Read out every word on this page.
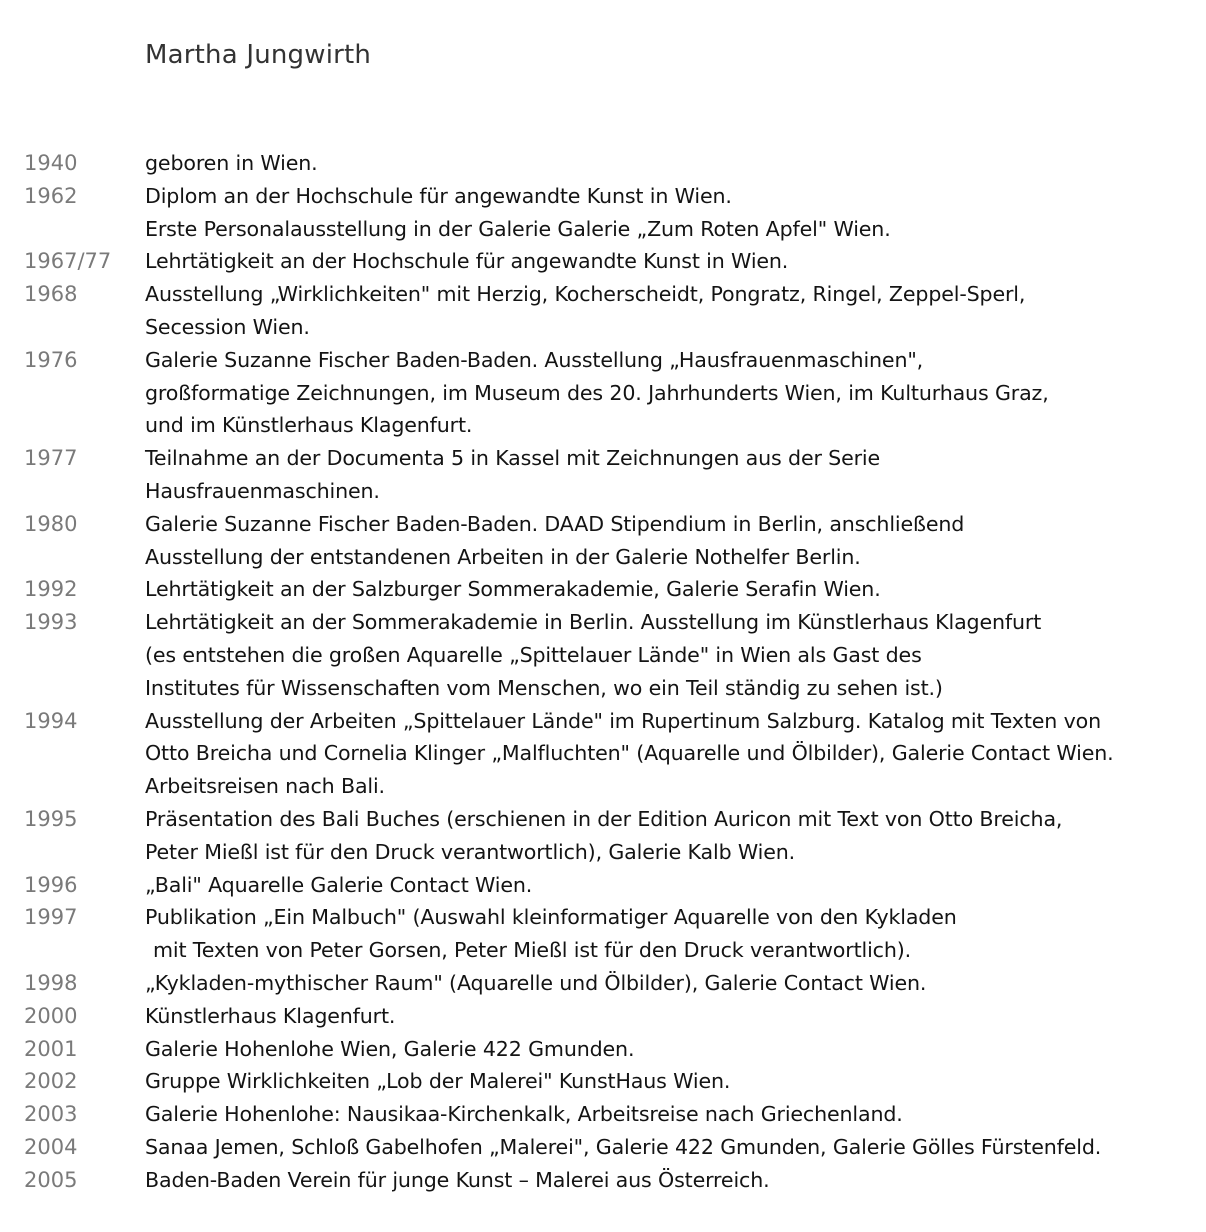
Martha Jungwirth
1940	geboren in Wien.
1962	Diplom an der Hochschule für angewandte Kunst in Wien.
Erste Personalausstellung in der Galerie Galerie „Zum Roten Apfel" Wien.
1967/77 Lehrtätigkeit an der Hochschule für angewandte Kunst in Wien.
1968	Ausstellung „Wirklichkeiten" mit Herzig, Kocherscheidt, Pongratz, Ringel, Zeppel-Sperl,
Secession Wien.
1976	Galerie Suzanne Fischer Baden-Baden. Ausstellung „Hausfrauenmaschinen",
großformatige Zeichnungen, im Museum des 20. Jahrhunderts Wien, im Kulturhaus Graz,
und im Künstlerhaus Klagenfurt.
1977	Teilnahme an der Documenta 5 in Kassel mit Zeichnungen aus der Serie
Hausfrauenmaschinen.
1980	Galerie Suzanne Fischer Baden-Baden. DAAD Stipendium in Berlin, anschließend
Ausstellung der entstandenen Arbeiten in der Galerie Nothelfer Berlin.
1992	Lehrtätigkeit an der Salzburger Sommerakademie, Galerie Serafin Wien.
1993	Lehrtätigkeit an der Sommerakademie in Berlin. Ausstellung im Künstlerhaus Klagenfurt
(es entstehen die großen Aquarelle „Spittelauer Lände" in Wien als Gast des
Institutes für Wissenschaften vom Menschen, wo ein Teil ständig zu sehen ist.)
1994	Ausstellung der Arbeiten „Spittelauer Lände" im Rupertinum Salzburg. Katalog mit Texten von
Otto Breicha und Cornelia Klinger „Malfluchten" (Aquarelle und Ölbilder), Galerie Contact Wien.
Arbeitsreisen nach Bali.
1995	Präsentation des Bali Buches (erschienen in der Edition Auricon mit Text von Otto Breicha,
Peter Mießl ist für den Druck verantwortlich), Galerie Kalb Wien.
1996	„Bali" Aquarelle Galerie Contact Wien.
1997	Publikation „Ein Malbuch" (Auswahl kleinformatiger Aquarelle von den Kykladen
mit Texten von Peter Gorsen, Peter Mießl ist für den Druck verantwortlich).
1998	„Kykladen-mythischer Raum" (Aquarelle und Ölbilder), Galerie Contact Wien.
2000	Künstlerhaus Klagenfurt.
2001	Galerie Hohenlohe Wien, Galerie 422 Gmunden.
2002	Gruppe Wirklichkeiten „Lob der Malerei" KunstHaus Wien.
2003	Galerie Hohenlohe: Nausikaa-Kirchenkalk, Arbeitsreise nach Griechenland.
2004	Sanaa Jemen, Schloß Gabelhofen „Malerei", Galerie 422 Gmunden, Galerie Gölles Fürstenfeld.
2005	Baden-Baden Verein für junge Kunst – Malerei aus Österreich.
